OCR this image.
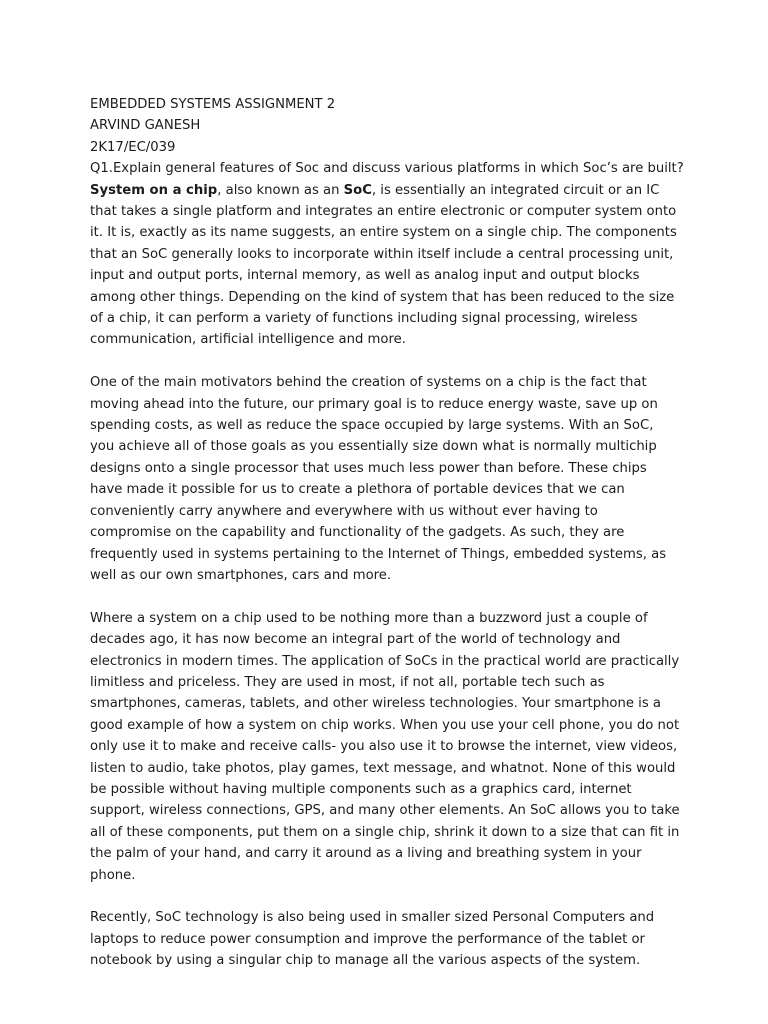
EMBEDDED SYSTEMS ASSIGNMENT 2

ARVIND GANESH

2K17/EC/039

Q1.Explain general features of Soc and discuss various platforms in which Soc’s are built?

System on a chip, also known as an SoC, is essentially an integrated circuit or an IC that takes a single platform and integrates an entire electronic or computer system onto it. It is, exactly as its name suggests, an entire system on a single chip. The components that an SoC generally looks to incorporate within itself include a central processing unit, input and output ports, internal memory, as well as analog input and output blocks among other things. Depending on the kind of system that has been reduced to the size of a chip, it can perform a variety of functions including signal processing, wireless communication, artificial intelligence and more.

One of the main motivators behind the creation of systems on a chip is the fact that moving ahead into the future, our primary goal is to reduce energy waste, save up on spending costs, as well as reduce the space occupied by large systems. With an SoC, you achieve all of those goals as you essentially size down what is normally multichip designs onto a single processor that uses much less power than before. These chips have made it possible for us to create a plethora of portable devices that we can conveniently carry anywhere and everywhere with us without ever having to compromise on the capability and functionality of the gadgets. As such, they are frequently used in systems pertaining to the Internet of Things, embedded systems, as well as our own smartphones, cars and more.

Where a system on a chip used to be nothing more than a buzzword just a couple of decades ago, it has now become an integral part of the world of technology and electronics in modern times. The application of SoCs in the practical world are practically limitless and priceless. They are used in most, if not all, portable tech such as smartphones, cameras, tablets, and other wireless technologies. Your smartphone is a good example of how a system on chip works. When you use your cell phone, you do not only use it to make and receive calls- you also use it to browse the internet, view videos, listen to audio, take photos, play games, text message, and whatnot. None of this would be possible without having multiple components such as a graphics card, internet support, wireless connections, GPS, and many other elements. An SoC allows you to take all of these components, put them on a single chip, shrink it down to a size that can fit in the palm of your hand, and carry it around as a living and breathing system in your phone.

Recently, SoC technology is also being used in smaller sized Personal Computers and laptops to reduce power consumption and improve the performance of the tablet or notebook by using a singular chip to manage all the various aspects of the system.
